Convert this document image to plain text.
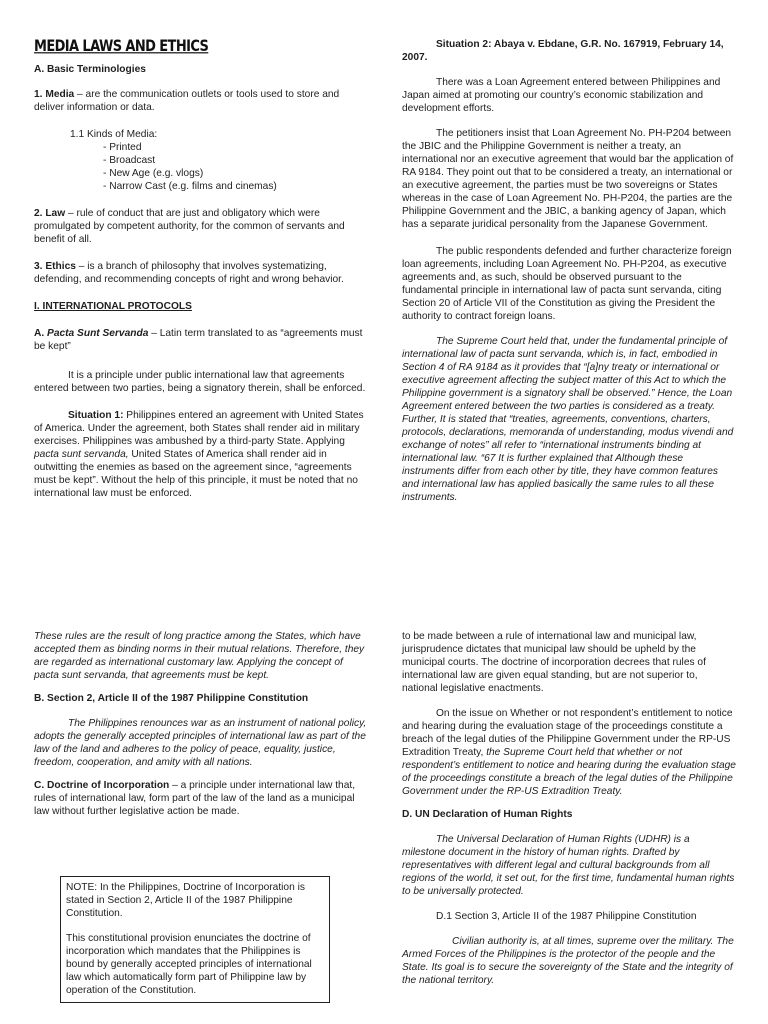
MEDIA LAWS AND ETHICS

A. Basic Terminologies

1. Media – are the communication outlets or tools used to store and deliver information or data.

1.1 Kinds of Media:

- Printed

- Broadcast

- New Age (e.g. vlogs)

- Narrow Cast (e.g. films and cinemas)

2. Law – rule of conduct that are just and obligatory which were promulgated by competent authority, for the common of servants and benefit of all.

3. Ethics – is a branch of philosophy that involves systematizing, defending, and recommending concepts of right and wrong behavior.

I. INTERNATIONAL PROTOCOLS

A. Pacta Sunt Servanda – Latin term translated to as “agreements must be kept”

It is a principle under public international law that agreements entered between two parties, being a signatory therein, shall be enforced.

Situation 1: Philippines entered an agreement with United States of America. Under the agreement, both States shall render aid in military exercises. Philippines was ambushed by a third-party State. Applying pacta sunt servanda, United States of America shall render aid in outwitting the enemies as based on the agreement since, “agreements must be kept”. Without the help of this principle, it must be noted that no international law must be enforced.

Situation 2: Abaya v. Ebdane, G.R. No. 167919, February 14, 2007.

There was a Loan Agreement entered between Philippines and Japan aimed at promoting our country’s economic stabilization and development efforts.

The petitioners insist that Loan Agreement No. PH-P204 between the JBIC and the Philippine Government is neither a treaty, an international nor an executive agreement that would bar the application of RA 9184. They point out that to be considered a treaty, an international or an executive agreement, the parties must be two sovereigns or States whereas in the case of Loan Agreement No. PH-P204, the parties are the Philippine Government and the JBIC, a banking agency of Japan, which has a separate juridical personality from the Japanese Government.

The public respondents defended and further characterize foreign loan agreements, including Loan Agreement No. PH-P204, as executive agreements and, as such, should be observed pursuant to the fundamental principle in international law of pacta sunt servanda, citing Section 20 of Article VII of the Constitution as giving the President the authority to contract foreign loans.

The Supreme Court held that, under the fundamental principle of international law of pacta sunt servanda, which is, in fact, embodied in Section 4 of RA 9184 as it provides that “[a]ny treaty or international or executive agreement affecting the subject matter of this Act to which the Philippine government is a signatory shall be observed.” Hence, the Loan Agreement entered between the two parties is considered as a treaty. Further, It is stated that “treaties, agreements, conventions, charters, protocols, declarations, memoranda of understanding, modus vivendi and exchange of notes” all refer to “international instruments binding at international law. “67 It is further explained that Although these instruments differ from each other by title, they have common features and international law has applied basically the same rules to all these instruments.

These rules are the result of long practice among the States, which have accepted them as binding norms in their mutual relations. Therefore, they are regarded as international customary law. Applying the concept of pacta sunt servanda, that agreements must be kept.

B. Section 2, Article II of the 1987 Philippine Constitution

The Philippines renounces war as an instrument of national policy, adopts the generally accepted principles of international law as part of the law of the land and adheres to the policy of peace, equality, justice, freedom, cooperation, and amity with all nations.

C. Doctrine of Incorporation – a principle under international law that, rules of international law, form part of the law of the land as a municipal law without further legislative action be made.

NOTE: In the Philippines, Doctrine of Incorporation is stated in Section 2, Article II of the 1987 Philippine Constitution.

This constitutional provision enunciates the doctrine of incorporation which mandates that the Philippines is bound by generally accepted principles of international law which automatically form part of Philippine law by operation of the Constitution.

to be made between a rule of international law and municipal law, jurisprudence dictates that municipal law should be upheld by the municipal courts. The doctrine of incorporation decrees that rules of international law are given equal standing, but are not superior to, national legislative enactments.

On the issue on Whether or not respondent’s entitlement to notice and hearing during the evaluation stage of the proceedings constitute a breach of the legal duties of the Philippine Government under the RP-US Extradition Treaty, the Supreme Court held that whether or not respondent’s entitlement to notice and hearing during the evaluation stage of the proceedings constitute a breach of the legal duties of the Philippine Government under the RP-US Extradition Treaty.

D. UN Declaration of Human Rights

The Universal Declaration of Human Rights (UDHR) is a milestone document in the history of human rights. Drafted by representatives with different legal and cultural backgrounds from all regions of the world, it set out, for the first time, fundamental human rights to be universally protected.

D.1 Section 3, Article II of the 1987 Philippine Constitution

Civilian authority is, at all times, supreme over the military. The Armed Forces of the Philippines is the protector of the people and the State. Its goal is to secure the sovereignty of the State and the integrity of the national territory.
